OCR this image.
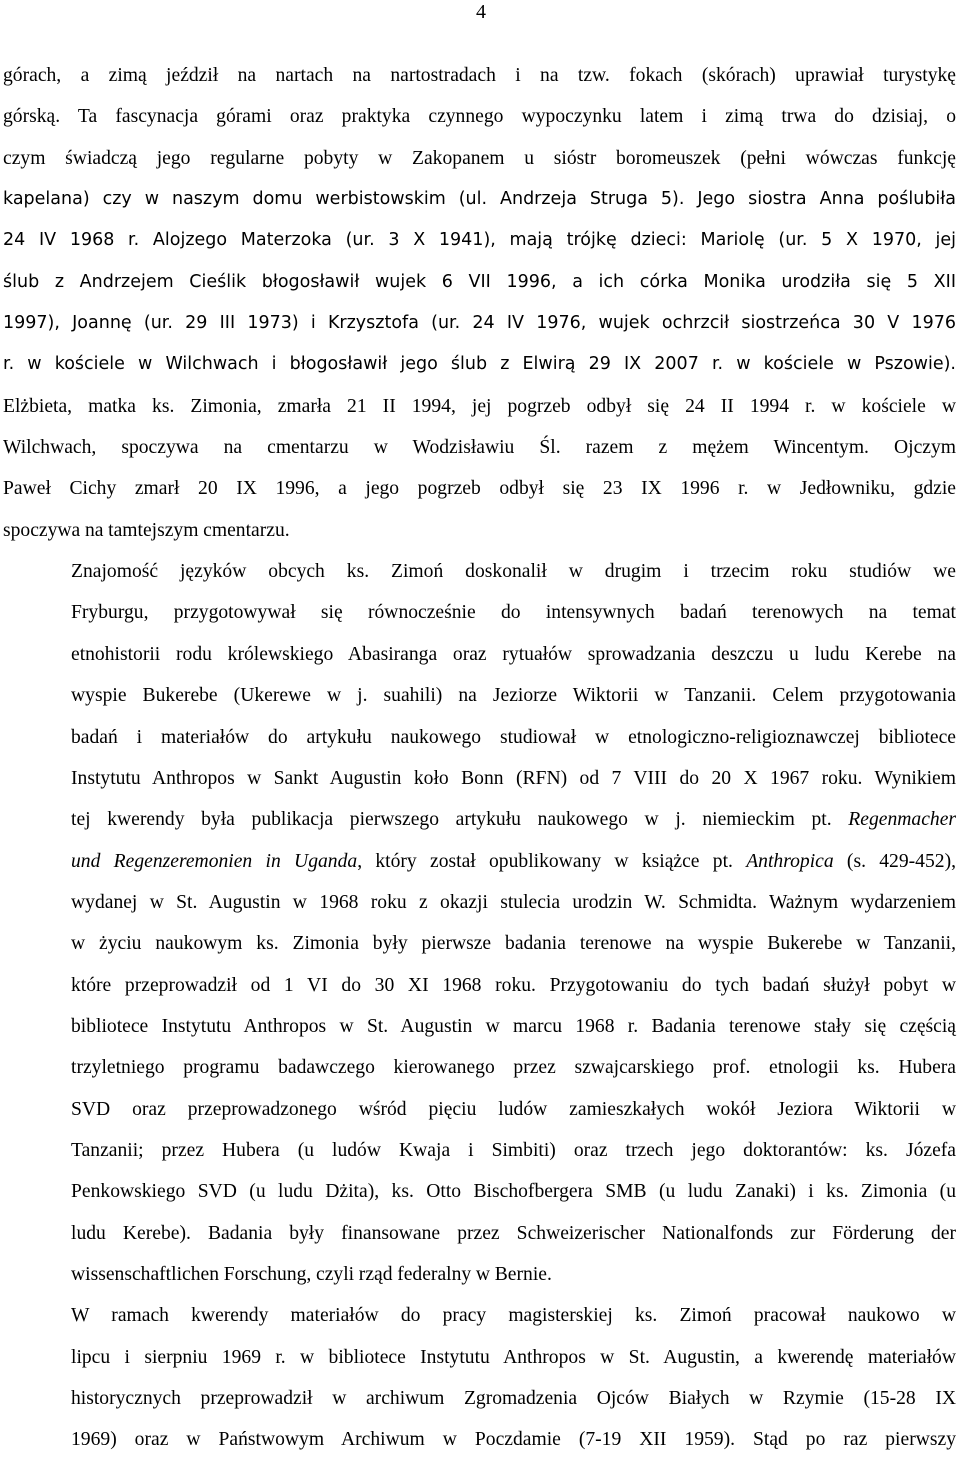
4

górach, a zimą jeździł na nartach na nartostradach i na tzw. fokach (skórach) uprawiał turystykę
górską. Ta fascynacja górami oraz praktyka czynnego wypoczynku latem i zimą trwa do dzisiaj, o
czym świadczą jego regularne pobyty w Zakopanem u sióstr boromeuszek (pełni wówczas funkcję
kapelana) czy w naszym domu werbistowskim (ul. Andrzeja Struga 5). Jego siostra Anna poślubiła
24 IV 1968 r. Alojzego Materzoka (ur. 3 X 1941), mają trójkę dzieci: Mariolę (ur. 5 X 1970, jej
ślub z Andrzejem Cieślik błogosławił wujek 6 VII 1996, a ich córka Monika urodziła się 5 XII
1997), Joannę (ur. 29 III 1973) i Krzysztofa (ur. 24 IV 1976, wujek ochrzcił siostrzeńca 30 V 1976
r. w kościele w Wilchwach i błogosławił jego ślub z Elwirą 29 IX 2007 r. w kościele w Pszowie).
Elżbieta, matka ks. Zimonia, zmarła 21 II 1994, jej pogrzeb odbył się 24 II 1994 r. w kościele w
Wilchwach, spoczywa na cmentarzu w Wodzisławiu Śl. razem z mężem Wincentym. Ojczym
Paweł Cichy zmarł 20 IX 1996, a jego pogrzeb odbył się 23 IX 1996 r. w Jedłowniku, gdzie
spoczywa na tamtejszym cmentarzu.

Znajomość języków obcych ks. Zimoń doskonalił w drugim i trzecim roku studiów we
Fryburgu, przygotowywał się równocześnie do intensywnych badań terenowych na temat
etnohistorii rodu królewskiego Abasiranga oraz rytuałów sprowadzania deszczu u ludu Kerebe na
wyspie Bukerebe (Ukerewe w j. suahili) na Jeziorze Wiktorii w Tanzanii. Celem przygotowania
badań i materiałów do artykułu naukowego studiował w etnologiczno-religioznawczej bibliotece
Instytutu Anthropos w Sankt Augustin koło Bonn (RFN) od 7 VIII do 20 X 1967 roku. Wynikiem
tej kwerendy była publikacja pierwszego artykułu naukowego w j. niemieckim pt. Regenmacher
und Regenzeremonien in Uganda, który został opublikowany w książce pt. Anthropica (s. 429-452),
wydanej w St. Augustin w 1968 roku z okazji stulecia urodzin W. Schmidta. Ważnym wydarzeniem
w życiu naukowym ks. Zimonia były pierwsze badania terenowe na wyspie Bukerebe w Tanzanii,
które przeprowadził od 1 VI do 30 XI 1968 roku. Przygotowaniu do tych badań służył pobyt w
bibliotece Instytutu Anthropos w St. Augustin w marcu 1968 r. Badania terenowe stały się częścią
trzyletniego programu badawczego kierowanego przez szwajcarskiego prof. etnologii ks. Hubera
SVD oraz przeprowadzonego wśród pięciu ludów zamieszkałych wokół Jeziora Wiktorii w
Tanzanii; przez Hubera (u ludów Kwaja i Simbiti) oraz trzech jego doktorantów: ks. Józefa
Penkowskiego SVD (u ludu Dżita), ks. Otto Bischofbergera SMB (u ludu Zanaki) i ks. Zimonia (u
ludu Kerebe). Badania były finansowane przez Schweizerischer Nationalfonds zur Förderung der
wissenschaftlichen Forschung, czyli rząd federalny w Bernie.

W ramach kwerendy materiałów do pracy magisterskiej ks. Zimoń pracował naukowo w
lipcu i sierpniu 1969 r. w bibliotece Instytutu Anthropos w St. Augustin, a kwerendę materiałów
historycznych przeprowadził w archiwum Zgromadzenia Ojców Białych w Rzymie (15-28 IX
1969) oraz w Państwowym Archiwum w Poczdamie (7-19 XII 1959). Stąd po raz pierwszy
